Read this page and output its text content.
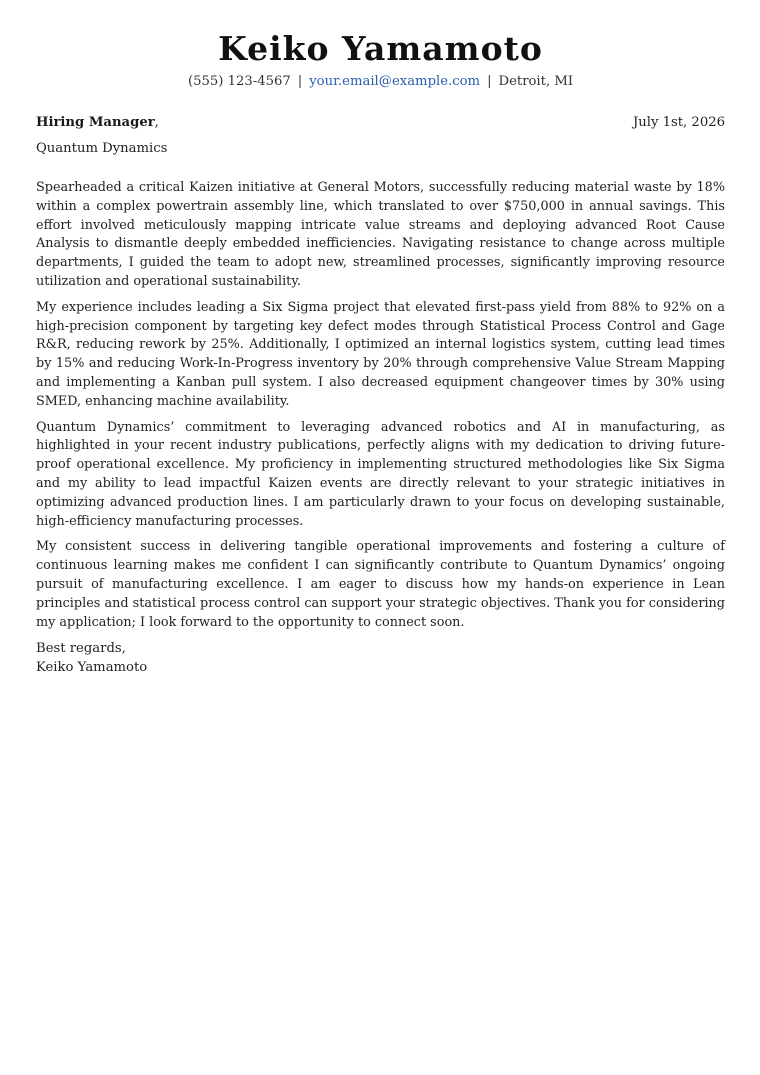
Keiko Yamamoto
(555) 123-4567 | your.email@example.com | Detroit, MI
Hiring Manager,	July 1st, 2026
Quantum Dynamics

Spearheaded a critical Kaizen initiative at General Motors, successfully reducing material waste by 18% within a complex powertrain assembly line, which translated to over $750,000 in annual savings. This effort involved meticulously mapping intricate value streams and deploying advanced Root Cause Analysis to dismantle deeply embedded inefficiencies. Navigating resistance to change across multiple departments, I guided the team to adopt new, streamlined processes, significantly improving resource utilization and operational sustainability.

My experience includes leading a Six Sigma project that elevated first-pass yield from 88% to 92% on a high-precision component by targeting key defect modes through Statistical Process Control and Gage R&R, reducing rework by 25%. Additionally, I optimized an internal logistics system, cutting lead times by 15% and reducing Work-In-Progress inventory by 20% through comprehensive Value Stream Mapping and implementing a Kanban pull system. I also decreased equipment changeover times by 30% using SMED, enhancing machine availability.

Quantum Dynamics’ commitment to leveraging advanced robotics and AI in manufacturing, as highlighted in your recent industry publications, perfectly aligns with my dedication to driving future-proof operational excellence. My proficiency in implementing structured methodologies like Six Sigma and my ability to lead impactful Kaizen events are directly relevant to your strategic initiatives in optimizing advanced production lines. I am particularly drawn to your focus on developing sustainable, high-efficiency manufacturing processes.

My consistent success in delivering tangible operational improvements and fostering a culture of continuous learning makes me confident I can significantly contribute to Quantum Dynamics’ ongoing pursuit of manufacturing excellence. I am eager to discuss how my hands-on experience in Lean principles and statistical process control can support your strategic objectives. Thank you for considering my application; I look forward to the opportunity to connect soon.

Best regards,
Keiko Yamamoto
